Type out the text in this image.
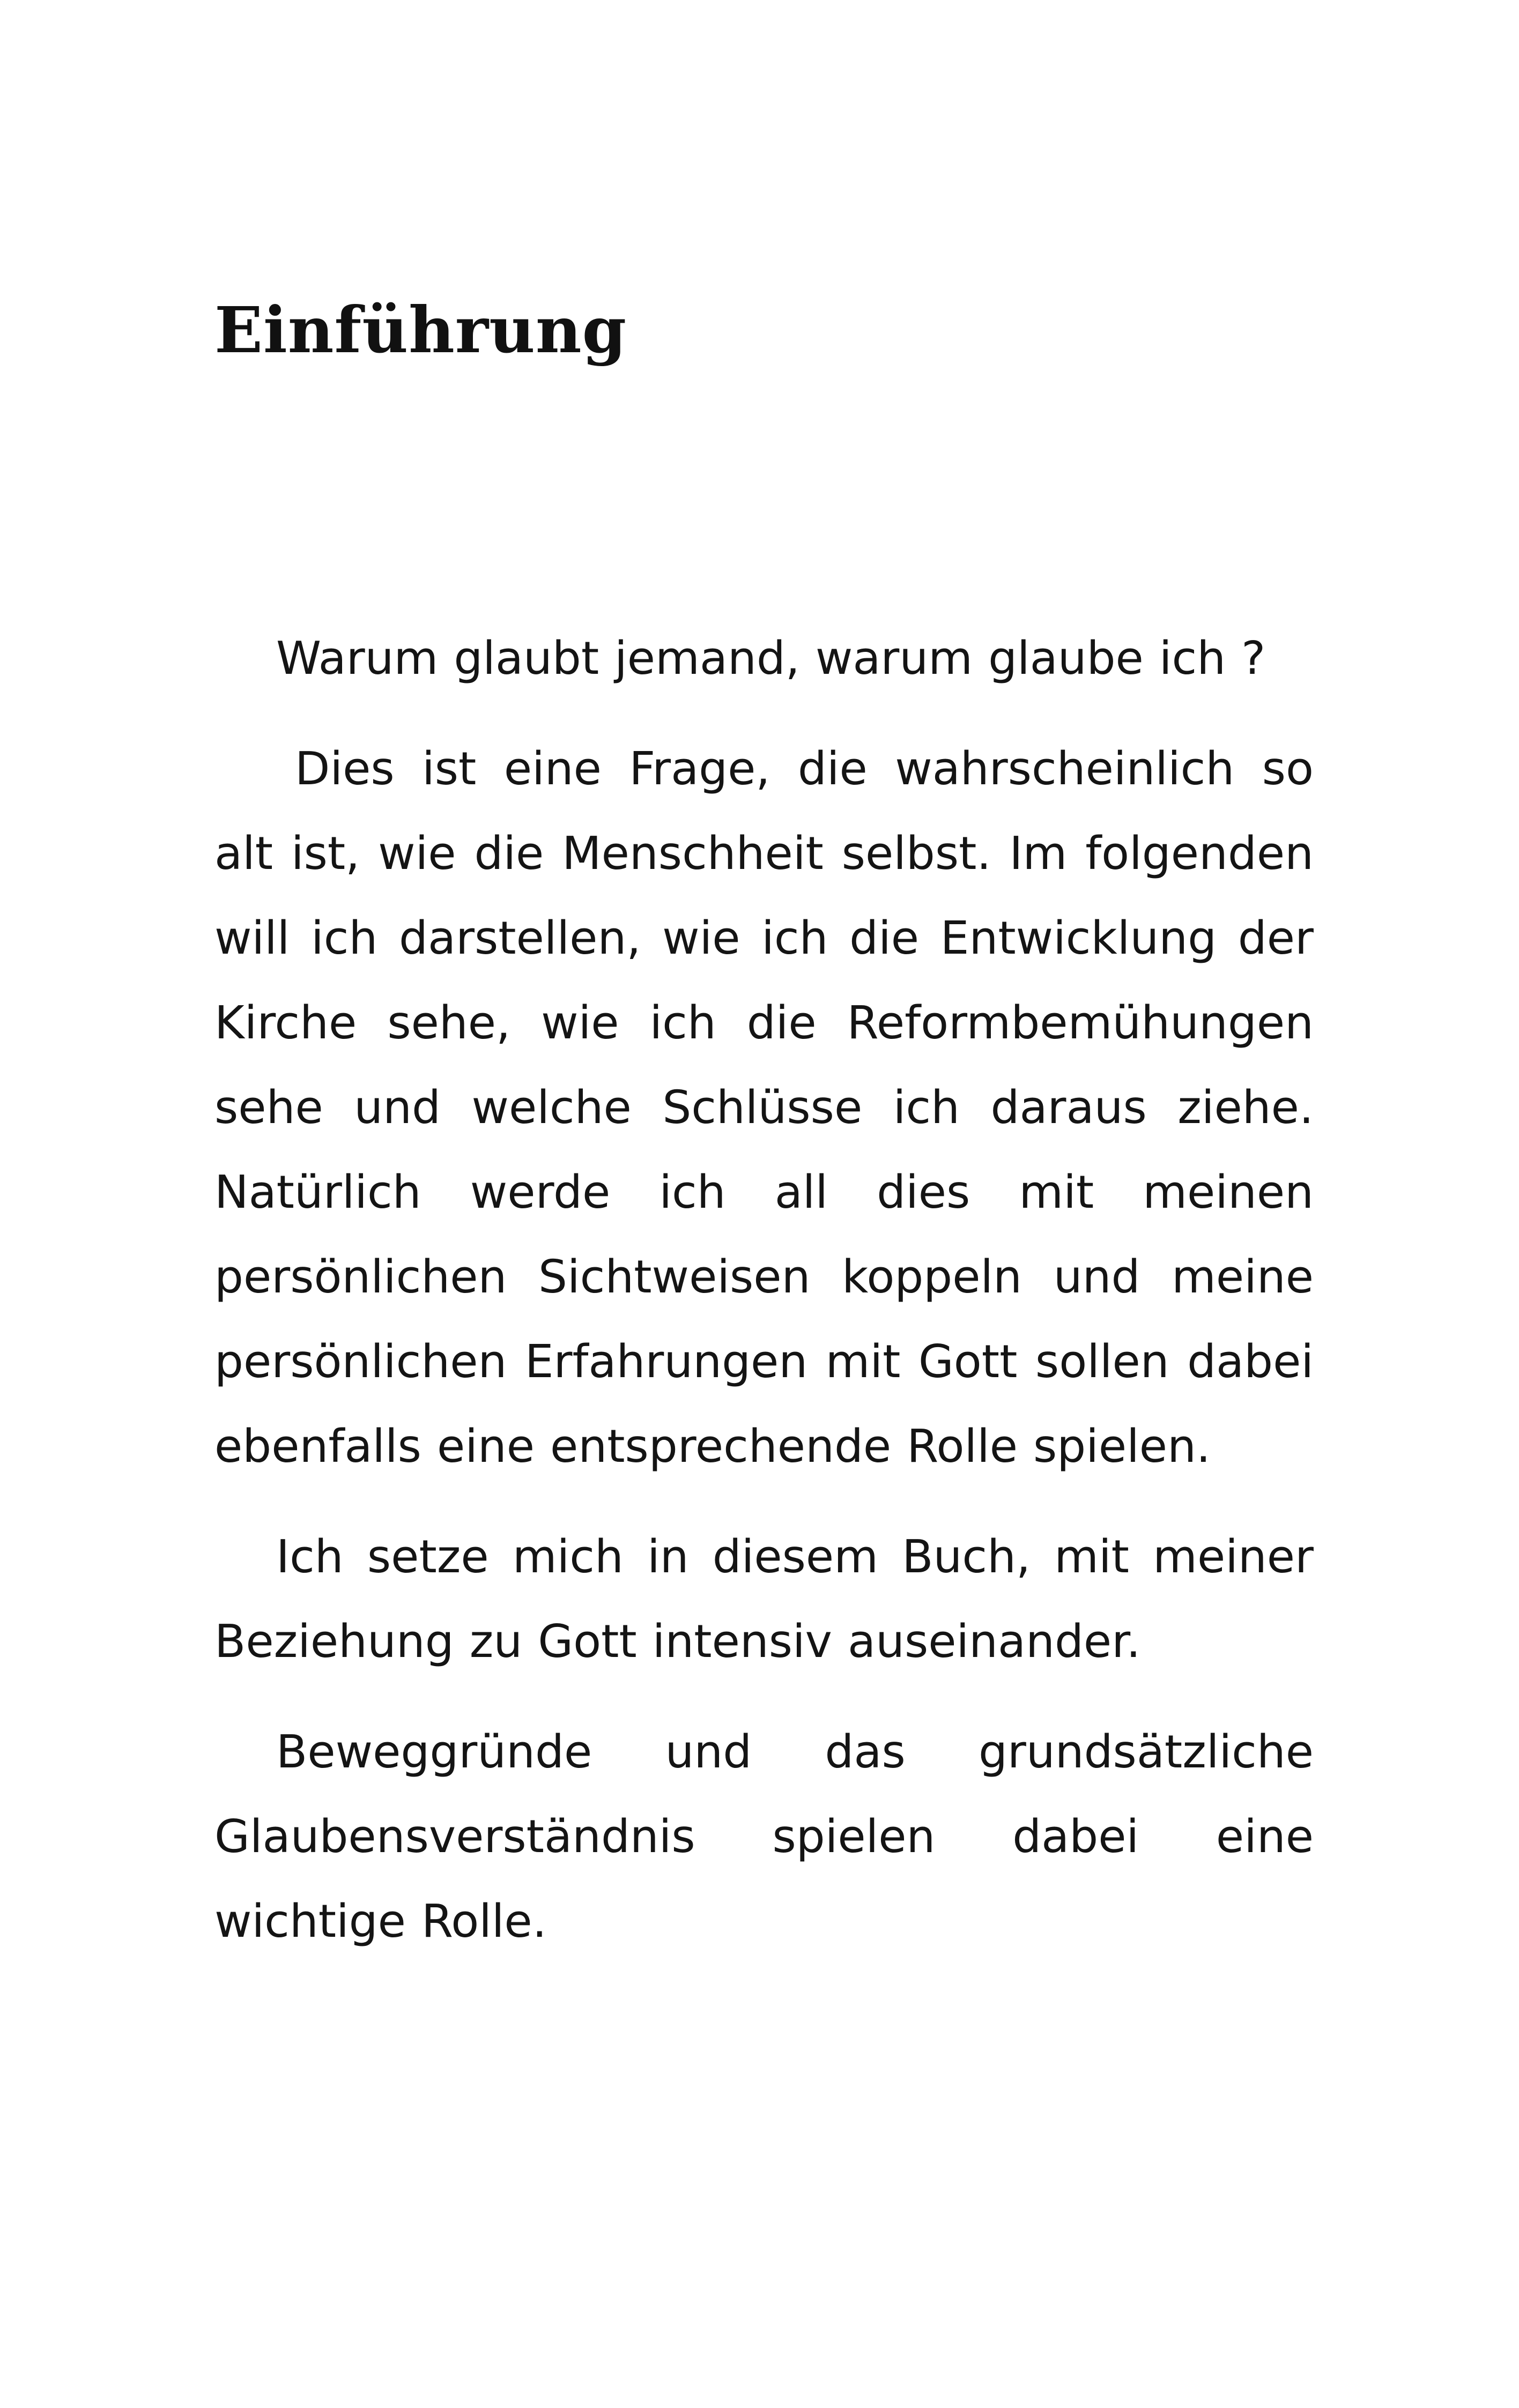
Einführung

Warum glaubt jemand, warum glaube ich ?

Dies ist eine Frage, die wahrscheinlich so alt ist, wie die Menschheit selbst. Im folgenden will ich darstellen, wie ich die Entwicklung der Kirche sehe, wie ich die Reformbemühungen sehe und welche Schlüsse ich daraus ziehe. Natürlich werde ich all dies mit meinen persönlichen Sichtweisen koppeln und meine persönlichen Erfahrungen mit Gott sollen dabei ebenfalls eine entsprechende Rolle spielen.

Ich setze mich in diesem Buch, mit meiner Beziehung zu Gott intensiv auseinander.

Beweggründe und das grundsätzliche Glaubensverständnis spielen dabei eine wichtige Rolle.
